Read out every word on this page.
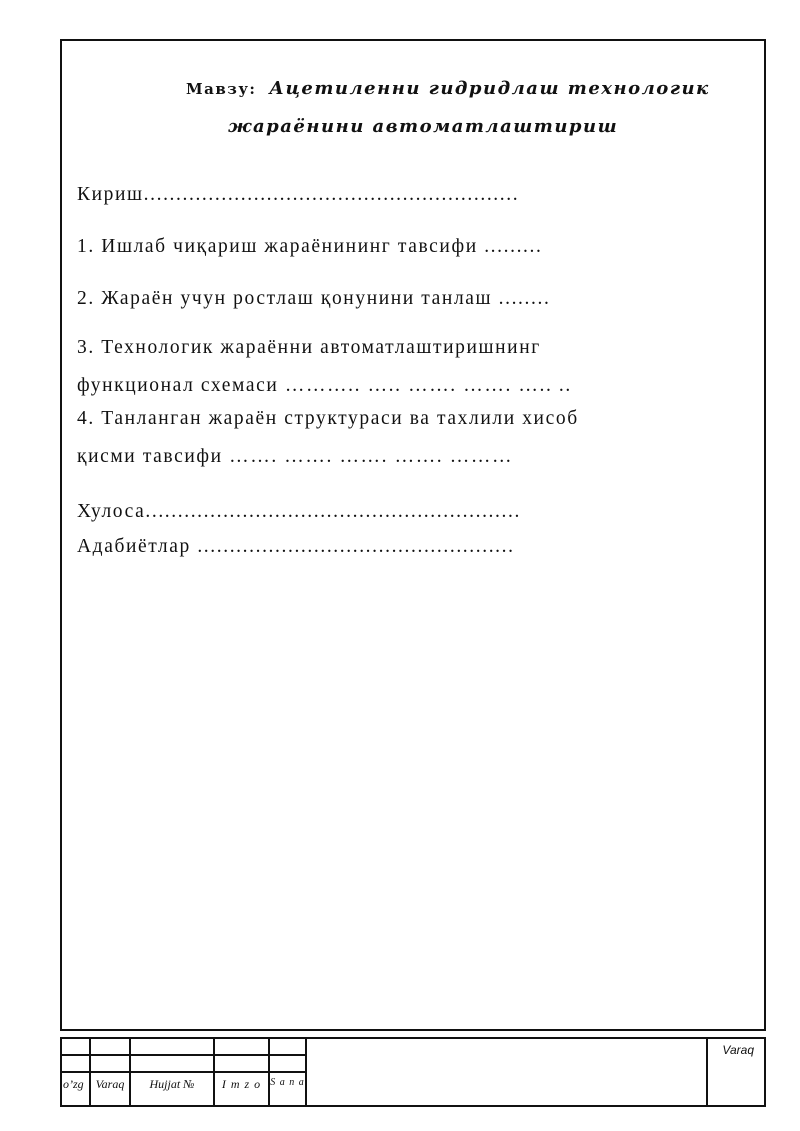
Мавзу: Ацетиленни гидридлаш технологик
жараёнини автоматлаштириш
Кириш..........................................................
1. Ишлаб чиқариш жараёнининг тавсифи .........
2. Жараён учун ростлаш қонунини танлаш ........
3. Технологик жараённи автоматлаштиришнинг
функционал схемаси ……….. ….. ……. ……. ….. ..
4. Танланган жараён структураси ва тахлили хисоб
қисми тавсифи ……. ……. ……. ……. ………
Хулоса..........................................................
Адабиётлар .................................................
o’zg Varaq	Hujjat №	I m z o S a n a
Varaq
